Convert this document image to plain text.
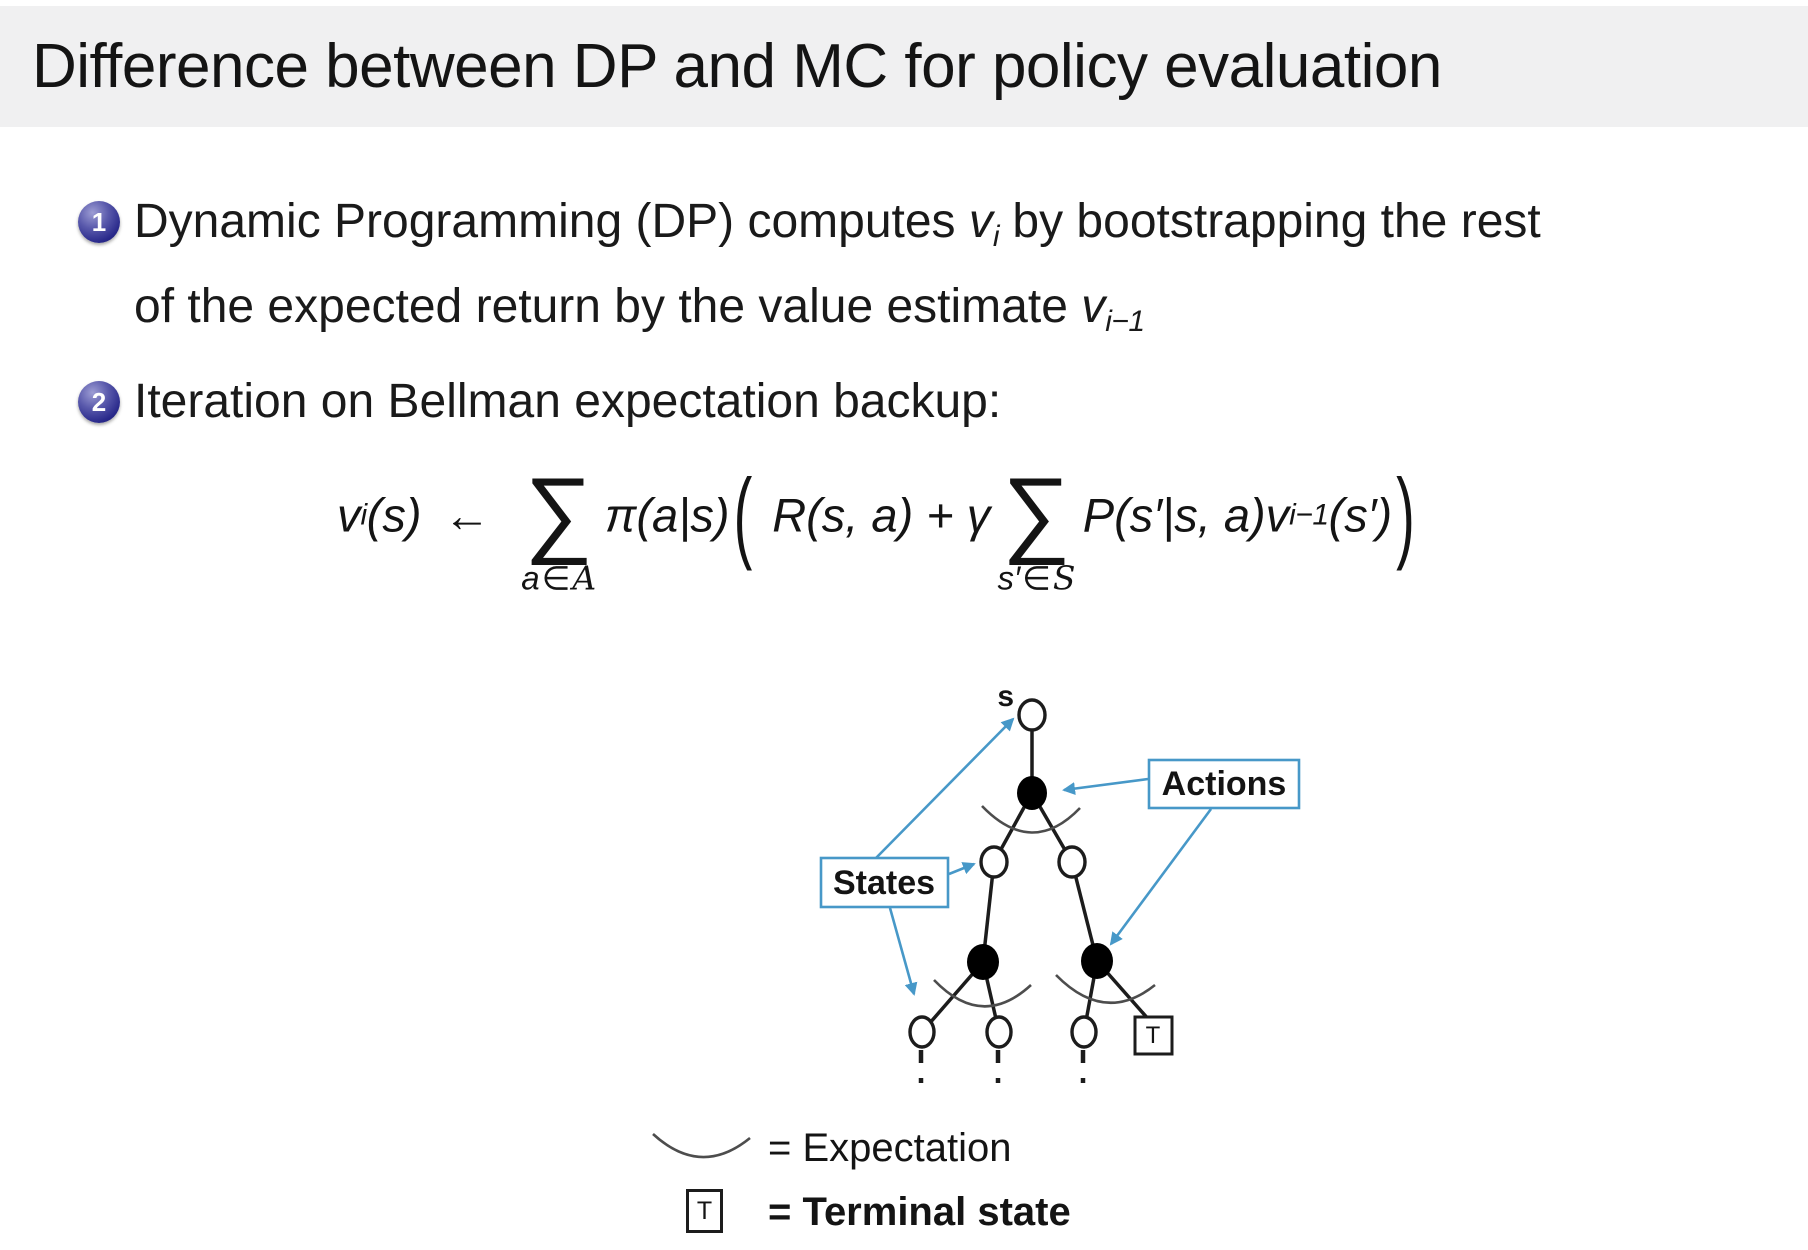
Difference between DP and MC for policy evaluation
1 Dynamic Programming (DP) computes vi by bootstrapping the rest
of the expected return by the value estimate vi−1
2 Iteration on Bellman expectation backup:
v i (s) ← ∑
a∈A
π(a|s) ( R(s, a) + γ ∑
s′∈S
P(s′|s, a) v i−1 (s′) )
T
s
States
Actions
= Expectation
T = Terminal state
